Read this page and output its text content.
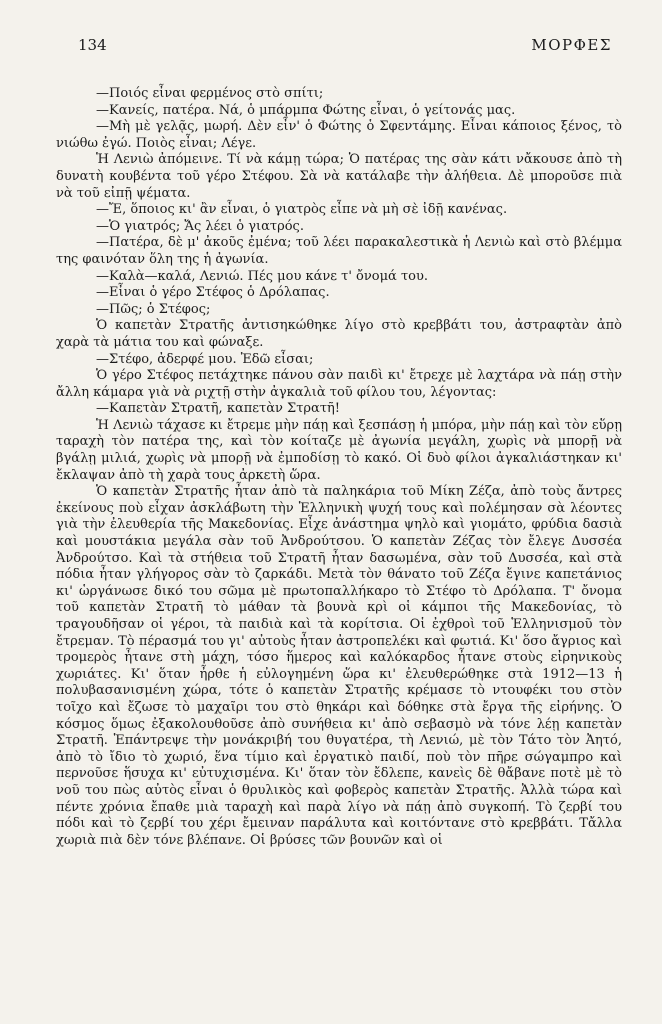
134	ΜΟΡΦΕΣ

—Ποιός εἶναι φερμένος στὸ σπίτι;

—Κανείς, πατέρα. Νά, ὁ μπάρμπα Φώτης εἶναι, ὁ γείτονάς μας.

—Μὴ μὲ γελᾷς, μωρή. Δὲν εἶν' ὁ Φώτης ὁ Σφεντάμης. Εἶναι κάποιος ξένος, τὸ νιώθω ἐγώ. Ποιὸς εἶναι; Λέγε.

Ἡ Λενιὼ ἀπόμεινε. Τί νὰ κάμῃ τώρα; Ὁ πατέρας της σὰν κάτι νἄκουσε ἀπὸ τὴ δυνατὴ κουβέντα τοῦ γέρο Στέφου. Σὰ νὰ κατάλαβε τὴν ἀλήθεια. Δὲ μποροῦσε πιὰ νὰ τοῦ εἰπῇ ψέματα.

—Ἔ, ὅποιος κι' ἂν εἶναι, ὁ γιατρὸς εἶπε νὰ μὴ σὲ ἰδῇ κανένας.

—Ὁ γιατρός; Ἄς λέει ὁ γιατρός.

—Πατέρα, δὲ μ' ἀκοῦς ἐμένα; τοῦ λέει παρακαλεστικὰ ἡ Λενιὼ καὶ στὸ βλέμμα της φαινόταν ὅλη της ἡ ἀγωνία.

—Καλὰ—καλά, Λενιώ. Πές μου κάνε τ' ὄνομά του.

—Εἶναι ὁ γέρο Στέφος ὁ Δρόλαπας.

—Πῶς; ὁ Στέφος;

Ὁ καπετὰν Στρατῆς ἀντισηκώθηκε λίγο στὸ κρεββάτι του, ἀστραφτὰν ἀπὸ χαρὰ τὰ μάτια του καὶ φώναξε.

—Στέφο, ἀδερφέ μου. Ἐδῶ εἶσαι;

Ὁ γέρο Στέφος πετάχτηκε πάνου σὰν παιδὶ κι' ἔτρεχε μὲ λαχτάρα νὰ πάῃ στὴν ἄλλη κάμαρα γιὰ νὰ ριχτῇ στὴν ἀγκαλιὰ τοῦ φίλου του, λέγοντας:

—Καπετὰν Στρατῆ, καπετὰν Στρατῆ!

Ἡ Λενιὼ τάχασε κι ἔτρεμε μὴν πάῃ καὶ ξεσπάσῃ ἡ μπόρα, μὴν πάῃ καὶ τὸν εὕρῃ ταραχὴ τὸν πατέρα της, καὶ τὸν κοίταζε μὲ ἀγωνία μεγάλη, χωρὶς νὰ μπορῇ νὰ βγάλῃ μιλιά, χωρὶς νὰ μπορῇ νὰ ἐμποδίσῃ τὸ κακό. Οἱ δυὸ φίλοι ἀγκαλιάστηκαν κι' ἔκλαψαν ἀπὸ τὴ χαρὰ τους ἀρκετὴ ὥρα.

Ὁ καπετὰν Στρατῆς ἦταν ἀπὸ τὰ παληκάρια τοῦ Μίκη Ζέζα, ἀπὸ τοὺς ἄντρες ἐκείνους ποὺ εἶχαν ἀσκλάβωτη τὴν Ἑλληνικὴ ψυχή τους καὶ πολέμησαν σὰ λέοντες γιὰ τὴν ἐλευθερία τῆς Μακεδονίας. Εἶχε ἀνάστημα ψηλὸ καὶ γιομάτο, φρύδια δασιὰ καὶ μουστάκια μεγάλα σὰν τοῦ Ἀνδρούτσου. Ὁ καπετὰν Ζέζας τὸν ἔλεγε Δυσσέα Ἀνδρούτσο. Καὶ τὰ στήθεια τοῦ Στρατῆ ἦταν δασωμένα, σὰν τοῦ Δυσσέα, καὶ στὰ πόδια ἦταν γλήγορος σὰν τὸ ζαρκάδι. Μετὰ τὸν θάνατο τοῦ Ζέζα ἔγινε καπετάνιος κι' ὡργάνωσε δικό του σῶμα μὲ πρωτοπαλλήκαρο τὸ Στέφο τὸ Δρόλαπα. Τ' ὄνομα τοῦ καπετὰν Στρατῆ τὸ μάθαν τὰ βουνὰ κρὶ οἱ κάμποι τῆς Μακεδονίας, τὸ τραγουδῆσαν οἱ γέροι, τὰ παιδιὰ καὶ τὰ κορίτσια. Οἱ ἐχθροὶ τοῦ Ἑλληνισμοῦ τὸν ἔτρεμαν. Τὸ πέρασμά του γι' αὐτοὺς ἦταν ἀστροπελέκι καὶ φωτιά. Κι' ὅσο ἄγριος καὶ τρομερὸς ἦτανε στὴ μάχη, τόσο ἥμερος καὶ καλόκαρδος ἦτανε στοὺς εἰρηνικοὺς χωριάτες. Κι' ὅταν ἦρθε ἡ εὐλογημένη ὥρα κι' ἐλευθερώθηκε στὰ 1912—13 ἡ πολυβασανισμένη χώρα, τότε ὁ καπετὰν Στρατῆς κρέμασε τὸ ντουφέκι του στὸν τοῖχο καὶ ἔζωσε τὸ μαχαῖρι του στὸ θηκάρι καὶ δόθηκε στὰ ἔργα τῆς εἰρήνης. Ὁ κόσμος ὅμως ἐξακολουθοῦσε ἀπὸ συνήθεια κι' ἀπὸ σεβασμὸ νὰ τόνε λέῃ καπετὰν Στρατῆ. Ἐπάντρεψε τὴν μονάκριβή του θυγατέρα, τὴ Λενιώ, μὲ τὸν Τάτο τὸν Ἀητό, ἀπὸ τὸ ἴδιο τὸ χωριό, ἕνα τίμιο καὶ ἐργατικὸ παιδί, ποὺ τὸν πῆρε σώγαμπρο καὶ περνοῦσε ἥσυχα κι' εὐτυχισμένα. Κι' ὅταν τὸν ἔδλεπε, κανεὶς δὲ θἄβανε ποτὲ μὲ τὸ νοῦ του πὼς αὐτὸς εἶναι ὁ θρυλικὸς καὶ φοβερὸς καπετὰν Στρατῆς. Ἀλλὰ τώρα καὶ πέντε χρόνια ἔπαθε μιὰ ταραχὴ καὶ παρὰ λίγο νὰ πάῃ ἀπὸ συγκοπή. Τὸ ζερβί του πόδι καὶ τὸ ζερβί του χέρι ἔμειναν παράλυτα καὶ κοιτόντανε στὸ κρεββάτι. Τἄλλα χωριὰ πιὰ δὲν τόνε βλέπανε. Οἱ βρύσες τῶν βουνῶν καὶ οἱ
